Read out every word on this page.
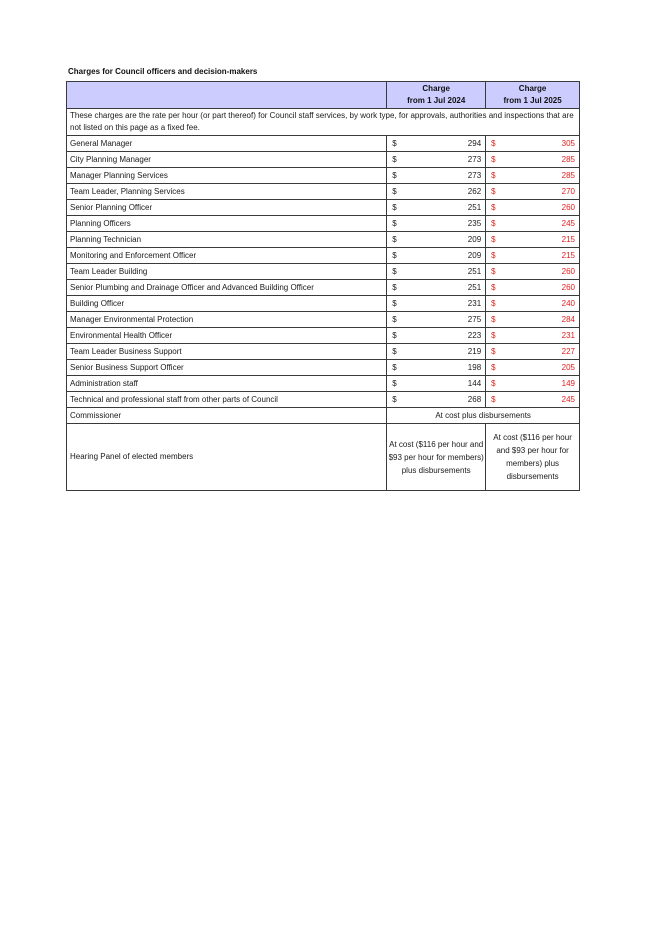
Charges for Council officers and decision-makers

Charge
from 1 Jul 2024

Charge
from 1 Jul 2025

These charges are the rate per hour (or part thereof) for Council staff services, by work type, for approvals, authorities and inspections that are not listed on this page as a fixed fee.		
General Manager	$ 294	$ 305

City Planning Manager	$ 273	$ 285

Manager Planning Services	$ 273	$ 285

Team Leader, Planning Services	$ 262	$ 270

Senior Planning Officer	$ 251	$ 260

Planning Officers	$ 235	$ 245

Planning Technician	$ 209	$ 215

Monitoring and Enforcement Officer	$ 209	$ 215

Team Leader Building	$ 251	$ 260

Senior Plumbing and Drainage Officer and Advanced Building Officer	$ 251	$ 260

Building Officer	$ 231	$ 240

Manager Environmental Protection	$ 275	$ 284

Environmental Health Officer	$ 223	$ 231

Team Leader Business Support	$ 219	$ 227

Senior Business Support Officer	$ 198	$ 205

Administration staff	$ 144	$ 149

Technical and professional staff from other parts of Council	$ 268	$ 245

Commissioner	At cost plus disbursements	
Hearing Panel of elected members	At cost ($116 per hour and $93 per hour for members) plus disbursements	At cost ($116 per hour and $93 per hour for members) plus disbursements
